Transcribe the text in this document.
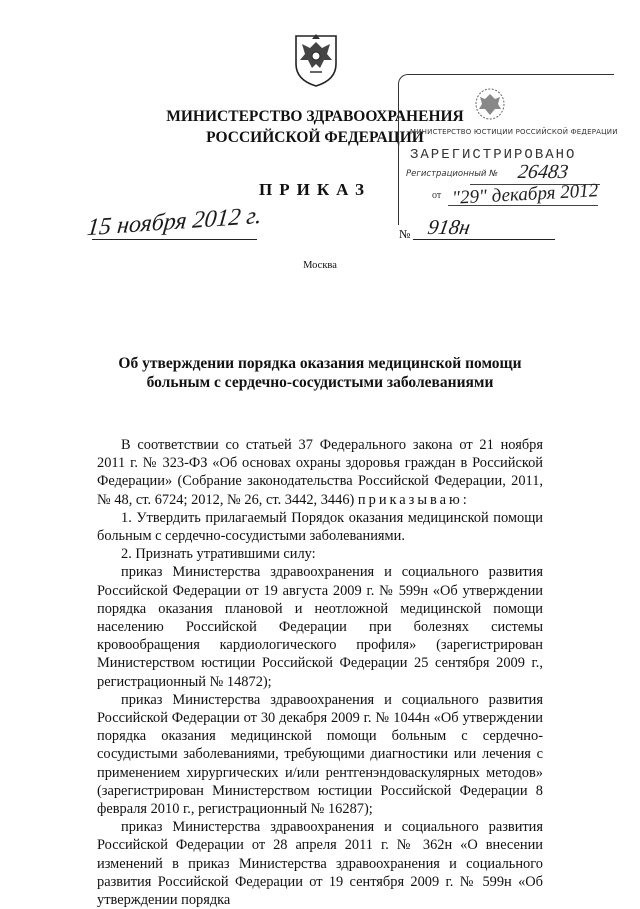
МИНИСТЕРСТВО ЗДРАВООХРАНЕНИЯ
РОССИЙСКОЙ ФЕДЕРАЦИИ
ПРИКАЗ
МИНИСТЕРСТВО ЮСТИЦИИ РОССИЙСКОЙ ФЕДЕРАЦИИ
ЗАРЕГИСТРИРОВАНО
Регистрационный № 26483
от "29" декабря 2012
15 ноября 2012 г.	№ 918н
Москва
Об утверждении порядка оказания медицинской помощи
больным с сердечно-сосудистыми заболеваниями

В соответствии со статьей 37 Федерального закона от 21 ноября 2011 г. № 323-ФЗ «Об основах охраны здоровья граждан в Российской Федерации» (Собрание законодательства Российской Федерации, 2011, № 48, ст. 6724; 2012, № 26, ст. 3442, 3446) приказываю:

1. Утвердить прилагаемый Порядок оказания медицинской помощи больным с сердечно-сосудистыми заболеваниями.

2. Признать утратившими силу:

приказ Министерства здравоохранения и социального развития Российской Федерации от 19 августа 2009 г. № 599н «Об утверждении порядка оказания плановой и неотложной медицинской помощи населению Российской Федерации при болезнях системы кровообращения кардиологического профиля» (зарегистрирован Министерством юстиции Российской Федерации 25 сентября 2009 г., регистрационный № 14872);

приказ Министерства здравоохранения и социального развития Российской Федерации от 30 декабря 2009 г. № 1044н «Об утверждении порядка оказания медицинской помощи больным с сердечно-сосудистыми заболеваниями, требующими диагностики или лечения с применением хирургических и/или рентгенэндоваскулярных методов» (зарегистрирован Министерством юстиции Российской Федерации 8 февраля 2010 г., регистрационный № 16287);

приказ Министерства здравоохранения и социального развития Российской Федерации от 28 апреля 2011 г. № 362н «О внесении изменений в приказ Министерства здравоохранения и социального развития Российской Федерации от 19 сентября 2009 г. № 599н «Об утверждении порядка
